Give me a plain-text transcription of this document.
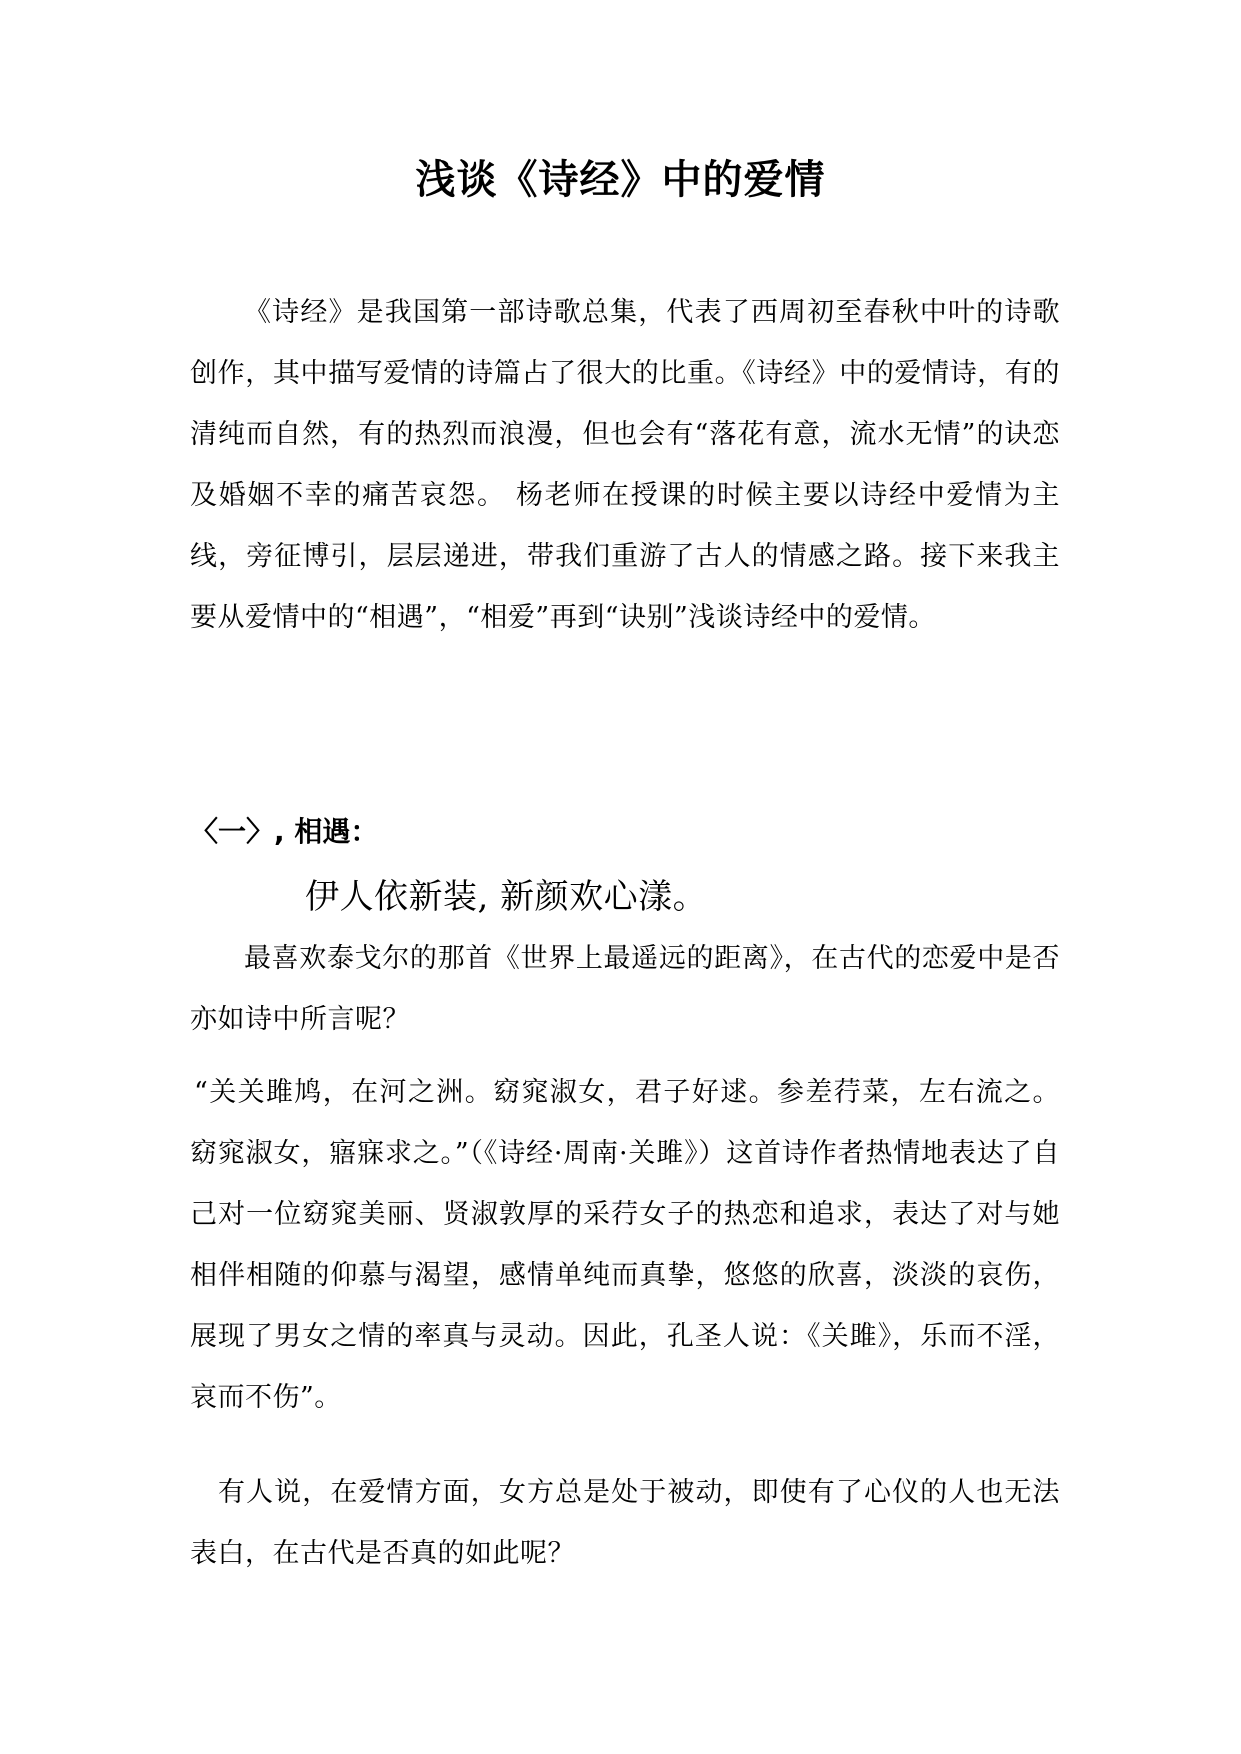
浅谈《诗经》中的爱情
《诗经》是我国第一部诗歌总集，代表了西周初至春秋中叶的诗歌创作，其中描写爱情的诗篇占了很大的比重。《诗经》中的爱情诗，有的清纯而自然，有的热烈而浪漫，但也会有“落花有意，流水无情”的诀恋及婚姻不幸的痛苦哀怨。 杨老师在授课的时候主要以诗经中爱情为主线，旁征博引，层层递进，带我们重游了古人的情感之路。接下来我主要从爱情中的“相遇”，“相爱”再到“诀别”浅谈诗经中的爱情。
〈一〉, 相遇：
伊人依新装, 新颜欢心漾。
最喜欢泰戈尔的那首《世界上最遥远的距离》，在古代的恋爱中是否亦如诗中所言呢？
“关关雎鸠，在河之洲。窈窕淑女，君子好逑。参差荇菜，左右流之。窈窕淑女，寤寐求之。”（《诗经·周南·关雎》）这首诗作者热情地表达了自己对一位窈窕美丽、贤淑敦厚的采荇女子的热恋和追求，表达了对与她相伴相随的仰慕与渴望，感情单纯而真挚，悠悠的欣喜，淡淡的哀伤，展现了男女之情的率真与灵动。因此，孔圣人说：《关雎》，乐而不淫，哀而不伤”。
有人说，在爱情方面，女方总是处于被动，即使有了心仪的人也无法表白，在古代是否真的如此呢？
